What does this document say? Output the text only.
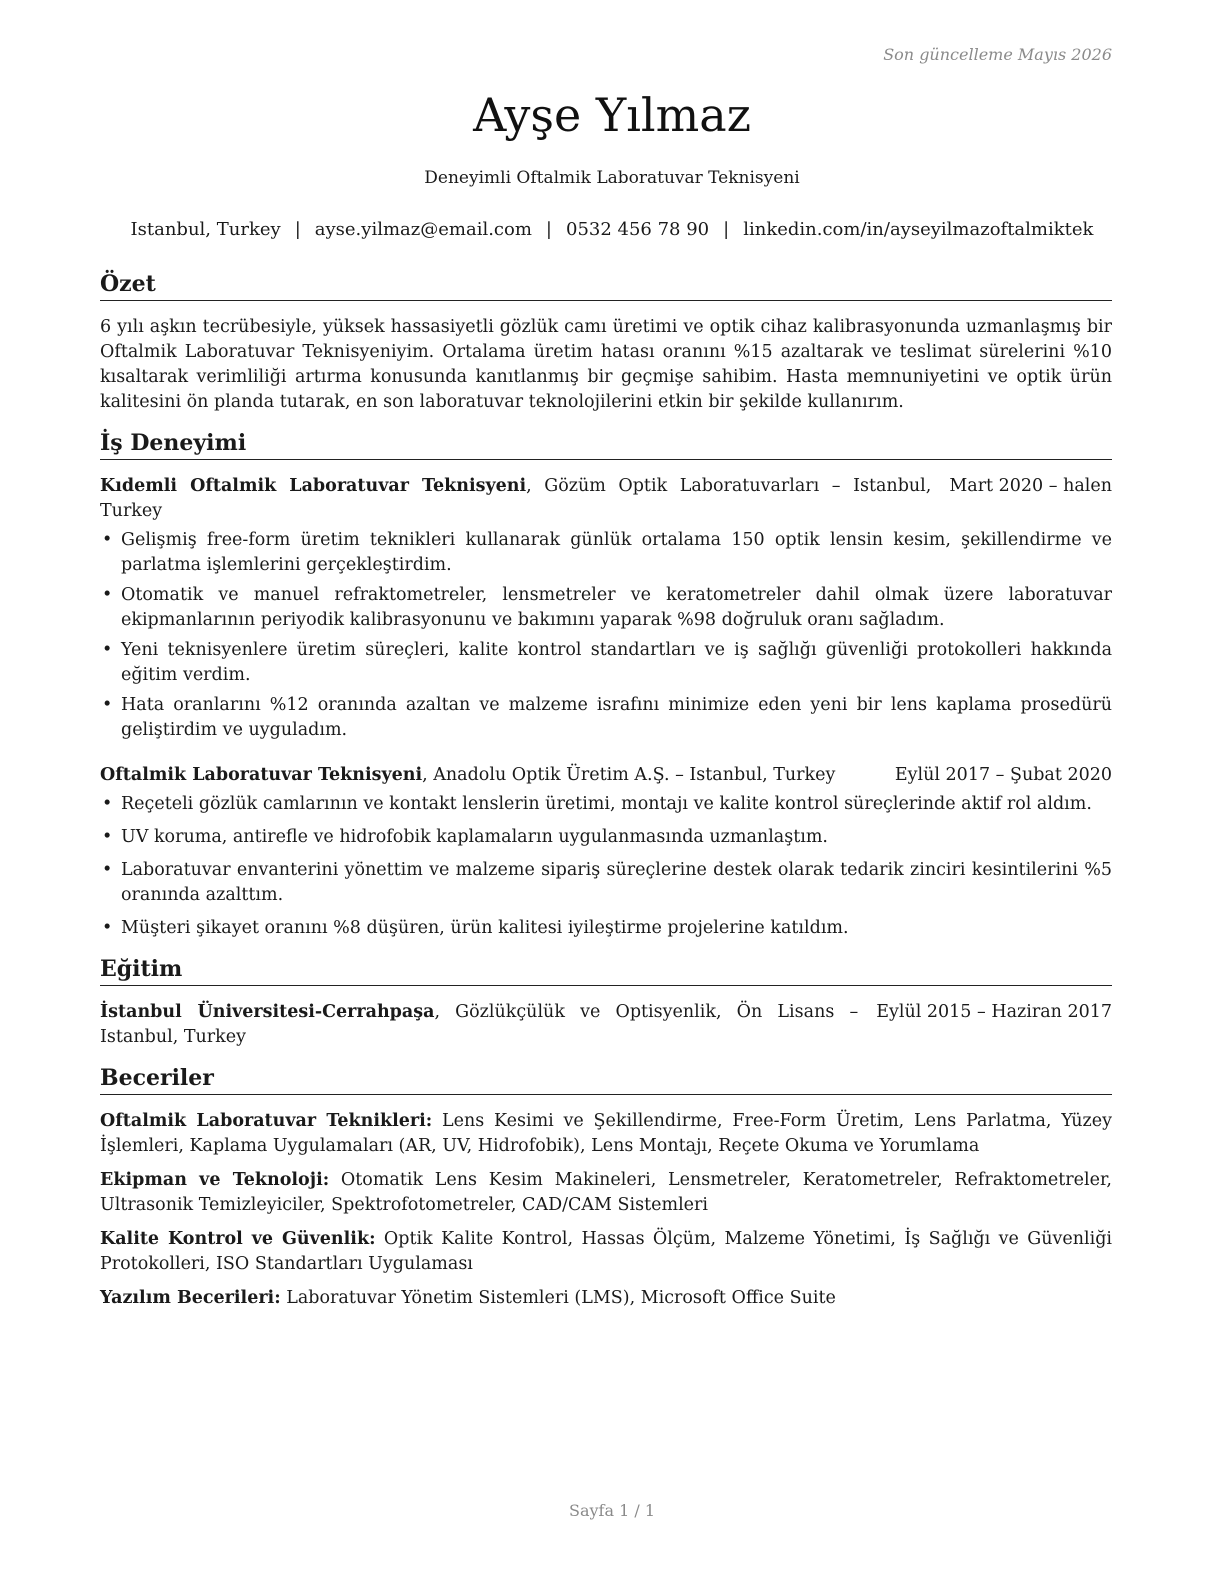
Son güncelleme Mayıs 2026
Ayşe Yılmaz
Deneyimli Oftalmik Laboratuvar Teknisyeni
Istanbul, Turkey | ayse.yilmaz@email.com | 0532 456 78 90 | linkedin.com/in/ayseyilmazoftalmiktek
Özet

6 yılı aşkın tecrübesiyle, yüksek hassasiyetli gözlük camı üretimi ve optik cihaz kalibrasyonunda uzmanlaşmış bir Oftalmik Laboratuvar Teknisyeniyim. Ortalama üretim hatası oranını %15 azaltarak ve teslimat sürelerini %10 kısaltarak verimliliği artırma konusunda kanıtlanmış bir geçmişe sahibim. Hasta memnuniyetini ve optik ürün kalitesini ön planda tutarak, en son laboratuvar teknolojilerini etkin bir şekilde kullanırım.

İş Deneyimi
Kıdemli Oftalmik Laboratuvar Teknisyeni, Gözüm Optik Laboratuvarları – Istanbul, Turkey
Mart 2020 – halen
• Gelişmiş free-form üretim teknikleri kullanarak günlük ortalama 150 optik lensin kesim, şekillendirme ve parlatma işlemlerini gerçekleştirdim.
• Otomatik ve manuel refraktometreler, lensmetreler ve keratometreler dahil olmak üzere laboratuvar ekipmanlarının periyodik kalibrasyonunu ve bakımını yaparak %98 doğruluk oranı sağladım.
• Yeni teknisyenlere üretim süreçleri, kalite kontrol standartları ve iş sağlığı güvenliği protokolleri hakkında eğitim verdim.
• Hata oranlarını %12 oranında azaltan ve malzeme israfını minimize eden yeni bir lens kaplama prosedürü geliştirdim ve uyguladım.
Oftalmik Laboratuvar Teknisyeni, Anadolu Optik Üretim A.Ş. – Istanbul, Turkey	Eylül 2017 – Şubat 2020
• Reçeteli gözlük camlarının ve kontakt lenslerin üretimi, montajı ve kalite kontrol süreçlerinde aktif rol aldım.
• UV koruma, antirefle ve hidrofobik kaplamaların uygulanmasında uzmanlaştım.
• Laboratuvar envanterini yönettim ve malzeme sipariş süreçlerine destek olarak tedarik zinciri kesintilerini %5 oranında azalttım.
• Müşteri şikayet oranını %8 düşüren, ürün kalitesi iyileştirme projelerine katıldım.
Eğitim
İstanbul Üniversitesi-Cerrahpaşa, Gözlükçülük ve Optisyenlik, Ön Lisans – Istanbul, Turkey
Eylül 2015 – Haziran 2017
Beceriler
Oftalmik Laboratuvar Teknikleri: Lens Kesimi ve Şekillendirme, Free-Form Üretim, Lens Parlatma, Yüzey İşlemleri, Kaplama Uygulamaları (AR, UV, Hidrofobik), Lens Montajı, Reçete Okuma ve Yorumlama
Ekipman ve Teknoloji: Otomatik Lens Kesim Makineleri, Lensmetreler, Keratometreler, Refraktometreler, Ultrasonik Temizleyiciler, Spektrofotometreler, CAD/CAM Sistemleri
Kalite Kontrol ve Güvenlik: Optik Kalite Kontrol, Hassas Ölçüm, Malzeme Yönetimi, İş Sağlığı ve Güvenliği Protokolleri, ISO Standartları Uygulaması
Yazılım Becerileri: Laboratuvar Yönetim Sistemleri (LMS), Microsoft Office Suite
Sayfa 1 / 1
